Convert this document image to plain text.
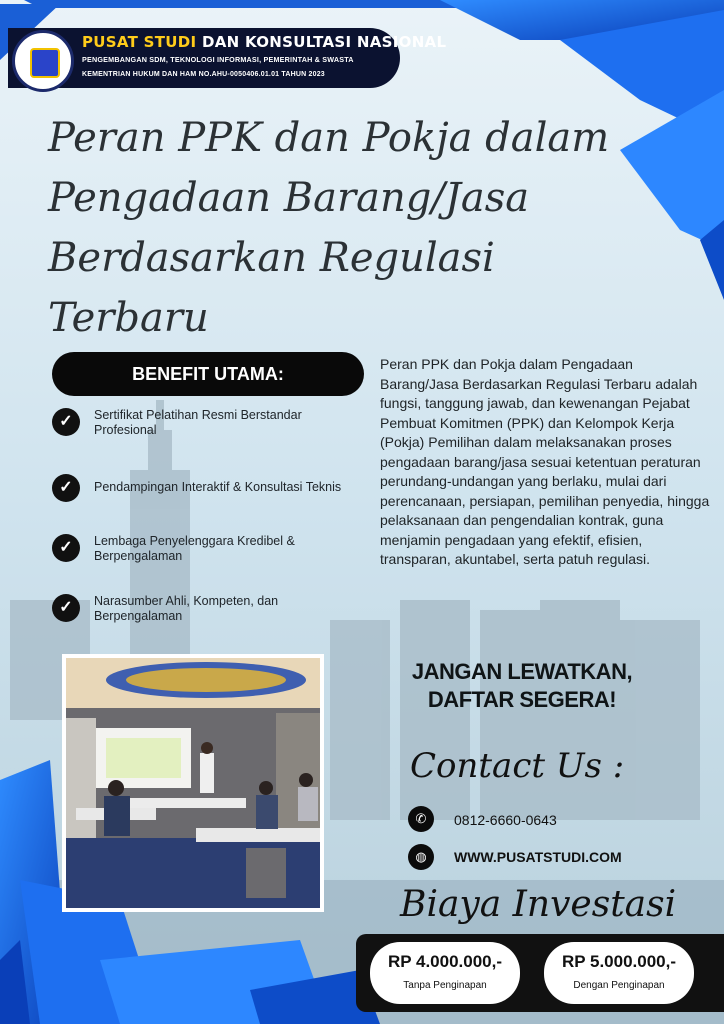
PUSAT STUDI DAN KONSULTASI NASIONAL
PENGEMBANGAN SDM, TEKNOLOGI INFORMASI, PEMERINTAH & SWASTA
KEMENTRIAN HUKUM DAN HAM NO.AHU-0050406.01.01 TAHUN 2023
Peran PPK dan Pokja dalam
Pengadaan Barang/Jasa
Berdasarkan Regulasi Terbaru
BENEFIT UTAMA:
✓	Sertifikat Pelatihan Resmi Berstandar Profesional
✓	Pendampingan Interaktif & Konsultasi Teknis
✓	Lembaga Penyelenggara Kredibel & Berpengalaman
✓	Narasumber Ahli, Kompeten, dan Berpengalaman
Peran PPK dan Pokja dalam Pengadaan Barang/Jasa Berdasarkan Regulasi Terbaru adalah fungsi, tanggung jawab, dan kewenangan Pejabat Pembuat Komitmen (PPK) dan Kelompok Kerja (Pokja) Pemilihan dalam melaksanakan proses pengadaan barang/jasa sesuai ketentuan peraturan perundang-undangan yang berlaku, mulai dari perencanaan, persiapan, pemilihan penyedia, hingga pelaksanaan dan pengendalian kontrak, guna menjamin pengadaan yang efektif, efisien, transparan, akuntabel, serta patuh regulasi.
JANGAN LEWATKAN,
DAFTAR SEGERA!
Contact Us :
✆	0812-6660-0643
◍	WWW.PUSATSTUDI.COM
Biaya Investasi
RP 4.000.000,-
Tanpa Penginapan
RP 5.000.000,-
Dengan Penginapan
